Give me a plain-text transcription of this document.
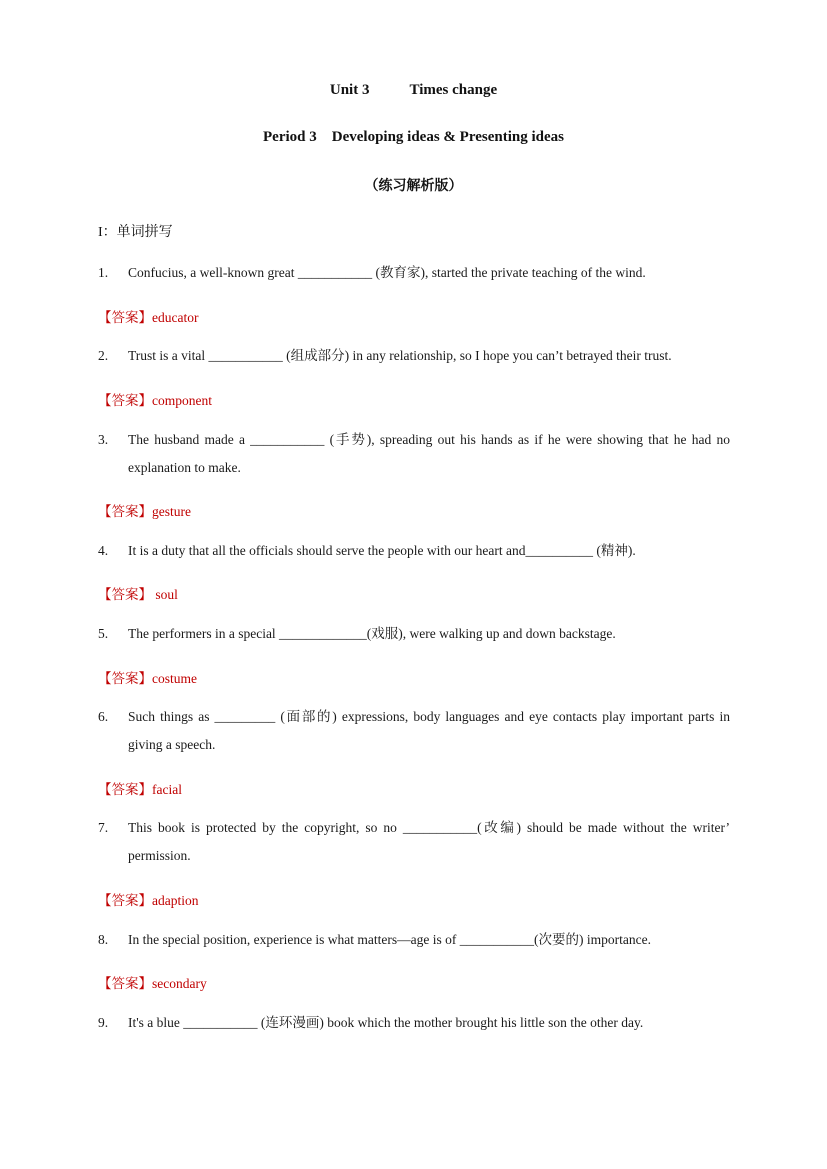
Unit 3	Times change
Period 3    Developing ideas & Presenting ideas
（练习解析版）
I：单词拼写
1. Confucius, a well-known great ___________ (教育家), started the private teaching of the wind.
【答案】educator
2. Trust is a vital ___________ (组成部分) in any relationship, so I hope you can’t betrayed their trust.
【答案】component
3. The husband made a ___________ (手势), spreading out his hands as if he were showing that he had no explanation to make.
【答案】gesture
4. It is a duty that all the officials should serve the people with our heart and__________ (精神).
【答案】 soul
5. The performers in a special _____________(戏服), were walking up and down backstage.
【答案】costume
6. Such things as _________ (面部的) expressions, body languages and eye contacts play important parts in giving a speech.
【答案】facial
7. This book is protected by the copyright, so no ___________(改编) should be made without the writer’ permission.
【答案】adaption
8. In the special position, experience is what matters—age is of ___________(次要的) importance.
【答案】secondary
9. It's a blue ___________ (连环漫画) book which the mother brought his little son the other day.
